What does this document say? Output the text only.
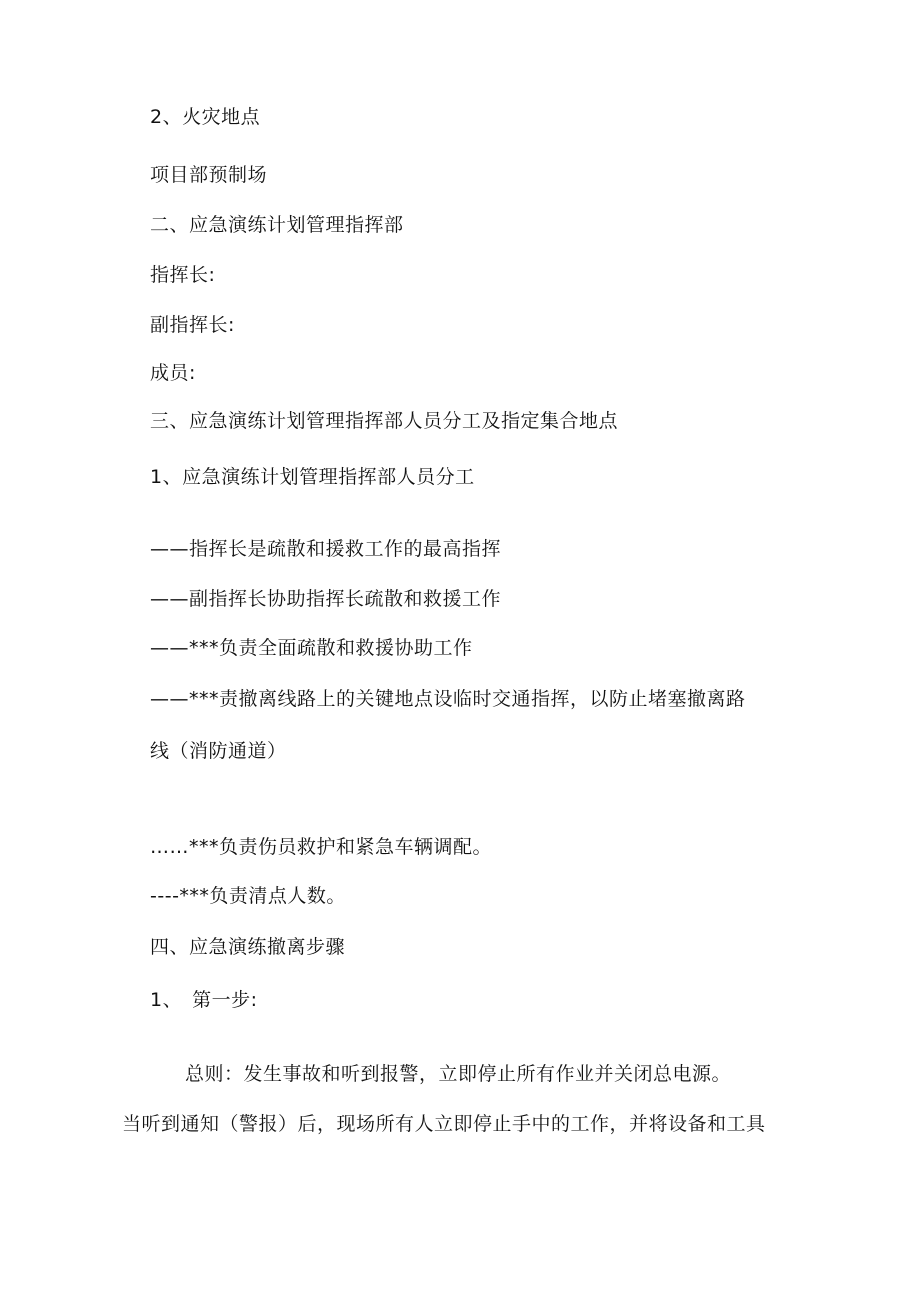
2、火灾地点

项目部预制场

二、应急演练计划管理指挥部

指挥长:

副指挥长:

成员:

三、应急演练计划管理指挥部人员分工及指定集合地点

1、应急演练计划管理指挥部人员分工

——指挥长是疏散和援救工作的最高指挥

——副指挥长协助指挥长疏散和救援工作

——***负责全面疏散和救援协助工作

——***责撤离线路上的关键地点设临时交通指挥，以防止堵塞撤离路

线（消防通道）

……***负责伤员救护和紧急车辆调配。

----***负责清点人数。

四、应急演练撤离步骤

1、　第一步:

总则：发生事故和听到报警，立即停止所有作业并关闭总电源。

当听到通知（警报）后，现场所有人立即停止手中的工作，并将设备和工具
